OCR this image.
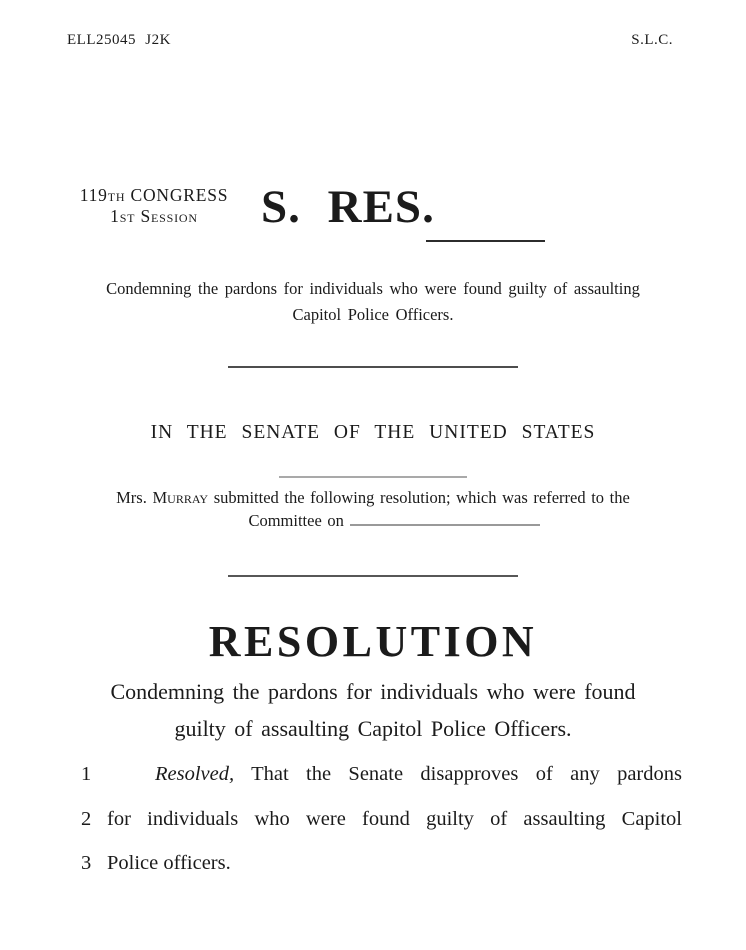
ELL25045 J2K	S.L.C.
119th CONGRESS
1st Session	S. RES.
Condemning the pardons for individuals who were found guilty of assaulting
Capitol Police Officers.
IN THE SENATE OF THE UNITED STATES
Mrs. Murray submitted the following resolution; which was referred to the
Committee on
RESOLUTION
Condemning the pardons for individuals who were found
guilty of assaulting Capitol Police Officers.
1	Resolved, That the Senate disapproves of any pardons
2 for individuals who were found guilty of assaulting Capitol
3 Police officers.
